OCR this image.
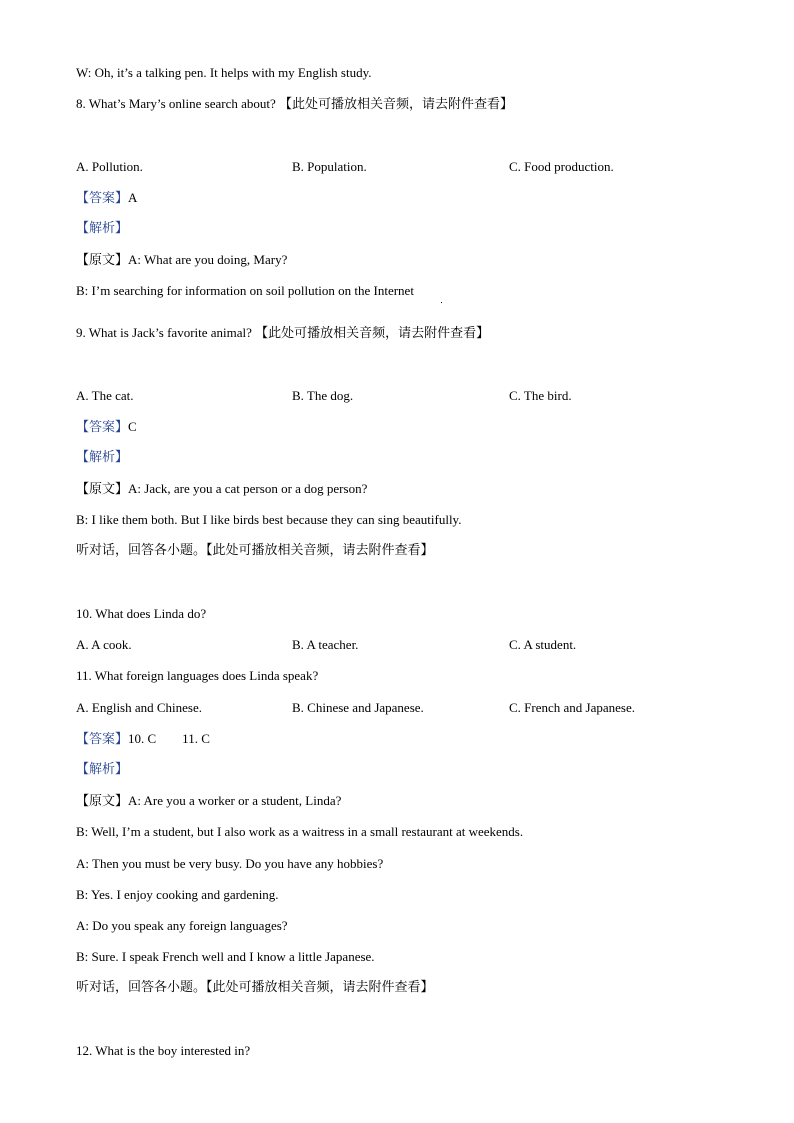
W: Oh, it’s a talking pen. It helps with my English study.
8. What’s Mary’s online search about? 【此处可播放相关音频，请去附件查看】
A. Pollution.	B. Population.	C. Food production.
【答案】A
【解析】
【原文】A: What are you doing, Mary?
B: I’m searching for information on soil pollution on the Internet
9. What is Jack’s favorite animal? 【此处可播放相关音频，请去附件查看】
A. The cat.	B. The dog.	C. The bird.
【答案】C
【解析】
【原文】A: Jack, are you a cat person or a dog person?
B: I like them both. But I like birds best because they can sing beautifully.
听对话，回答各小题。【此处可播放相关音频，请去附件查看】
10. What does Linda do?
A. A cook.	B. A teacher.	C. A student.
11. What foreign languages does Linda speak?
A. English and Chinese.	B. Chinese and Japanese.	C. French and Japanese.
【答案】10. C        11. C
【解析】
【原文】A: Are you a worker or a student, Linda?
B: Well, I’m a student, but I also work as a waitress in a small restaurant at weekends.
A: Then you must be very busy. Do you have any hobbies?
B: Yes. I enjoy cooking and gardening.
A: Do you speak any foreign languages?
B: Sure. I speak French well and I know a little Japanese.
听对话，回答各小题。【此处可播放相关音频，请去附件查看】
12. What is the boy interested in?
